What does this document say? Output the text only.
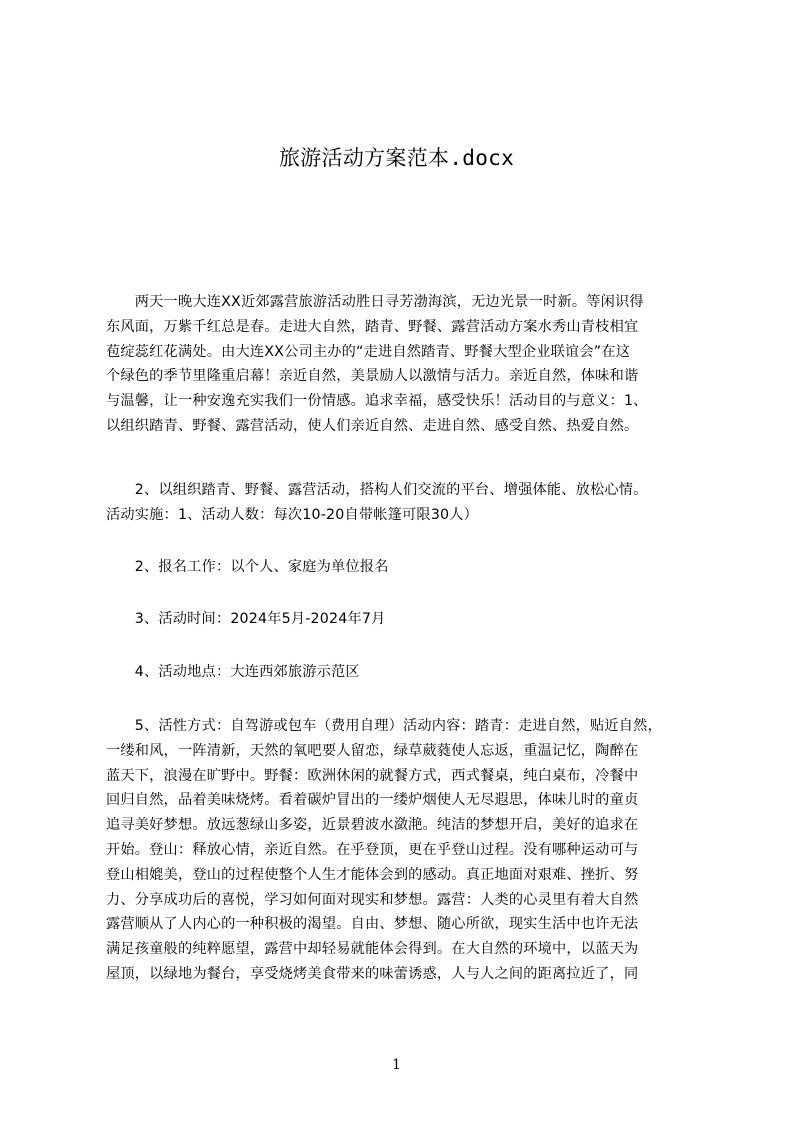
旅游活动方案范本.docx
　　两天一晚大连XX近郊露营旅游活动胜日寻芳渤海滨，无边光景一时新。等闲识得
东风面，万紫千红总是春。走进大自然，踏青、野餐、露营活动方案水秀山青枝相宜
苞绽蕊红花满处。由大连XX公司主办的“走进自然踏青、野餐大型企业联谊会”在这
个绿色的季节里隆重启幕！亲近自然，美景励人以激情与活力。亲近自然，体味和谐
与温馨，让一种安逸充实我们一份情感。追求幸福，感受快乐！活动目的与意义：1、
以组织踏青、野餐、露营活动，使人们亲近自然、走进自然、感受自然、热爱自然。
　　2、以组织踏青、野餐、露营活动，搭构人们交流的平台、增强体能、放松心情。
活动实施：1、活动人数：每次10-20自带帐篷可限30人）
　　2、报名工作：以个人、家庭为单位报名
　　3、活动时间：2024年5月-2024年7月
　　4、活动地点：大连西郊旅游示范区
　　5、活性方式：自驾游或包车（费用自理）活动内容：踏青：走进自然，贴近自然，
一缕和风，一阵清新，天然的氧吧要人留恋，绿草葳蕤使人忘返，重温记忆，陶醉在
蓝天下，浪漫在旷野中。野餐：欧洲休闲的就餐方式，西式餐桌，纯白桌布，冷餐中
回归自然，品着美味烧烤。看着碳炉冒出的一缕炉烟使人无尽遐思，体味儿时的童贞
追寻美好梦想。放远葱绿山多姿，近景碧波水潋滟。纯洁的梦想开启，美好的追求在
开始。登山：释放心情，亲近自然。在乎登顶，更在乎登山过程。没有哪种运动可与
登山相媲美，登山的过程使整个人生才能体会到的感动。真正地面对艰难、挫折、努
力、分享成功后的喜悦，学习如何面对现实和梦想。露营：人类的心灵里有着大自然
露营顺从了人内心的一种积极的渴望。自由、梦想、随心所欲，现实生活中也许无法
满足孩童般的纯粹愿望，露营中却轻易就能体会得到。在大自然的环境中，以蓝天为
屋顶，以绿地为餐台，享受烧烤美食带来的味蕾诱惑，人与人之间的距离拉近了，同
1
